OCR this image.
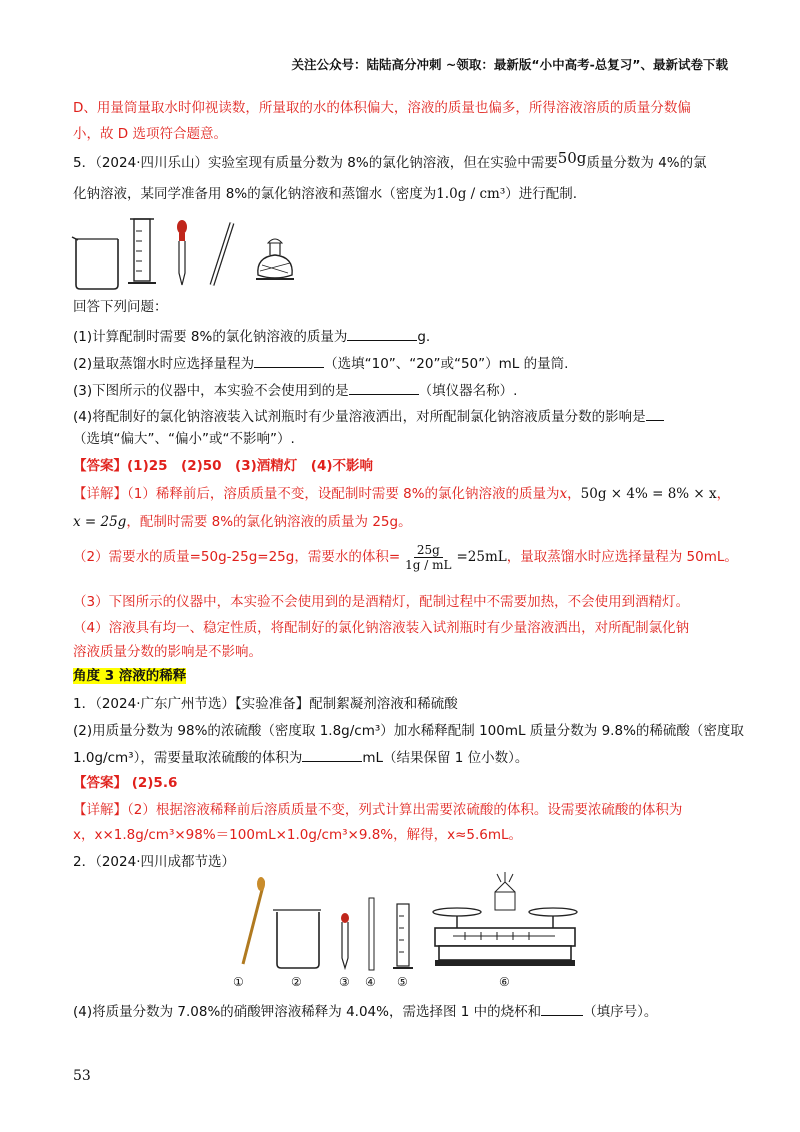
关注公众号：陆陆高分冲刺 ~领取：最新版“小中高考-总复习”、最新试卷下载
D、用量筒量取水时仰视读数，所量取的水的体积偏大，溶液的质量也偏多，所得溶液溶质的质量分数偏
小，故 D 选项符合题意。
5．（2024·四川乐山）实验室现有质量分数为 8%的氯化钠溶液，但在实验中需要50g质量分数为 4%的氯
化钠溶液，某同学准备用 8%的氯化钠溶液和蒸馏水（密度为1.0g / cm³）进行配制.
回答下列问题：
(1)计算配制时需要 8%的氯化钠溶液的质量为	g.
(2)量取蒸馏水时应选择量程为	（选填“10”、“20”或“50”）mL 的量筒.
(3)下图所示的仪器中，本实验不会使用到的是	（填仪器名称）.
(4)将配制好的氯化钠溶液装入试剂瓶时有少量溶液洒出，对所配制氯化钠溶液质量分数的影响是
（选填“偏大”、“偏小”或“不影响”）.
【答案】(1)25　(2)50　(3)酒精灯　(4)不影响
【详解】（1）稀释前后，溶质质量不变，设配制时需要 8%的氯化钠溶液的质量为x，50g × 4% = 8% × x，
x = 25g，配制时需要 8%的氯化钠溶液的质量为 25g。
（2）需要水的质量=50g-25g=25g，需要水的体积= $\frac{25g}{1g / mL} =25mL$，量取蒸馏水时应选择量程为 50mL。
（3）下图所示的仪器中，本实验不会使用到的是酒精灯，配制过程中不需要加热，不会使用到酒精灯。
（4）溶液具有均一、稳定性质，将配制好的氯化钠溶液装入试剂瓶时有少量溶液洒出，对所配制氯化钠
溶液质量分数的影响是不影响。
角度 3 溶液的稀释
1．（2024·广东广州节选）【实验准备】配制絮凝剂溶液和稀硫酸
(2)用质量分数为 98%的浓硫酸（密度取 1.8g/cm³）加水稀释配制 100mL 质量分数为 9.8%的稀硫酸（密度取
1.0g/cm³），需要量取浓硫酸的体积为	mL（结果保留 1 位小数）。
【答案】 (2)5.6
【详解】（2）根据溶液稀释前后溶质质量不变，列式计算出需要浓硫酸的体积。设需要浓硫酸的体积为
x，x×1.8g/cm³×98%＝100mL×1.0g/cm³×9.8%，解得，x≈5.6mL。
2．（2024·四川成都节选）
①	②	③ ④ ⑤	⑥
(4)将质量分数为 7.08%的硝酸钾溶液稀释为 4.04%，需选择图 1 中的烧杯和	（填序号）。
53
